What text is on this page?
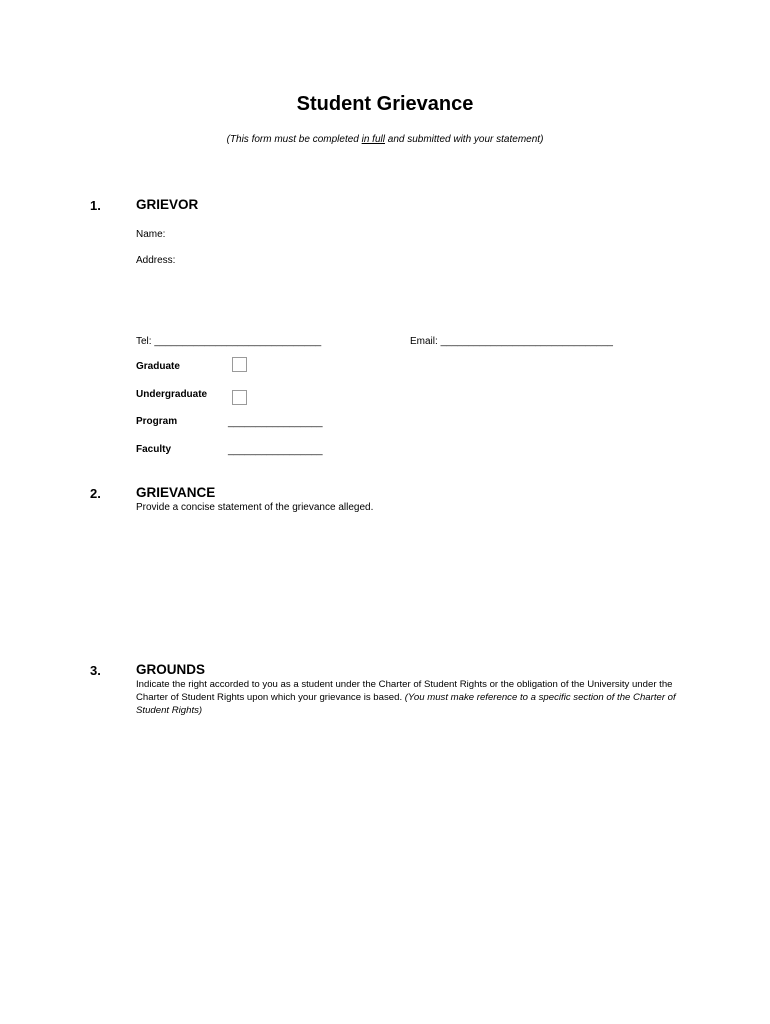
Student Grievance
(This form must be completed in full and submitted with your statement)
1.	GRIEVOR
Name:
Address:
Tel: ______________________________	Email: _______________________________
Graduate
Undergraduate
Program	_________________
Faculty	_________________
2.	GRIEVANCE
Provide a concise statement of the grievance alleged.
3.	GROUNDS
Indicate the right accorded to you as a student under the Charter of Student Rights or the obligation of the University under the Charter of Student Rights upon which your grievance is based. (You must make reference to a specific section of the Charter of Student Rights)
